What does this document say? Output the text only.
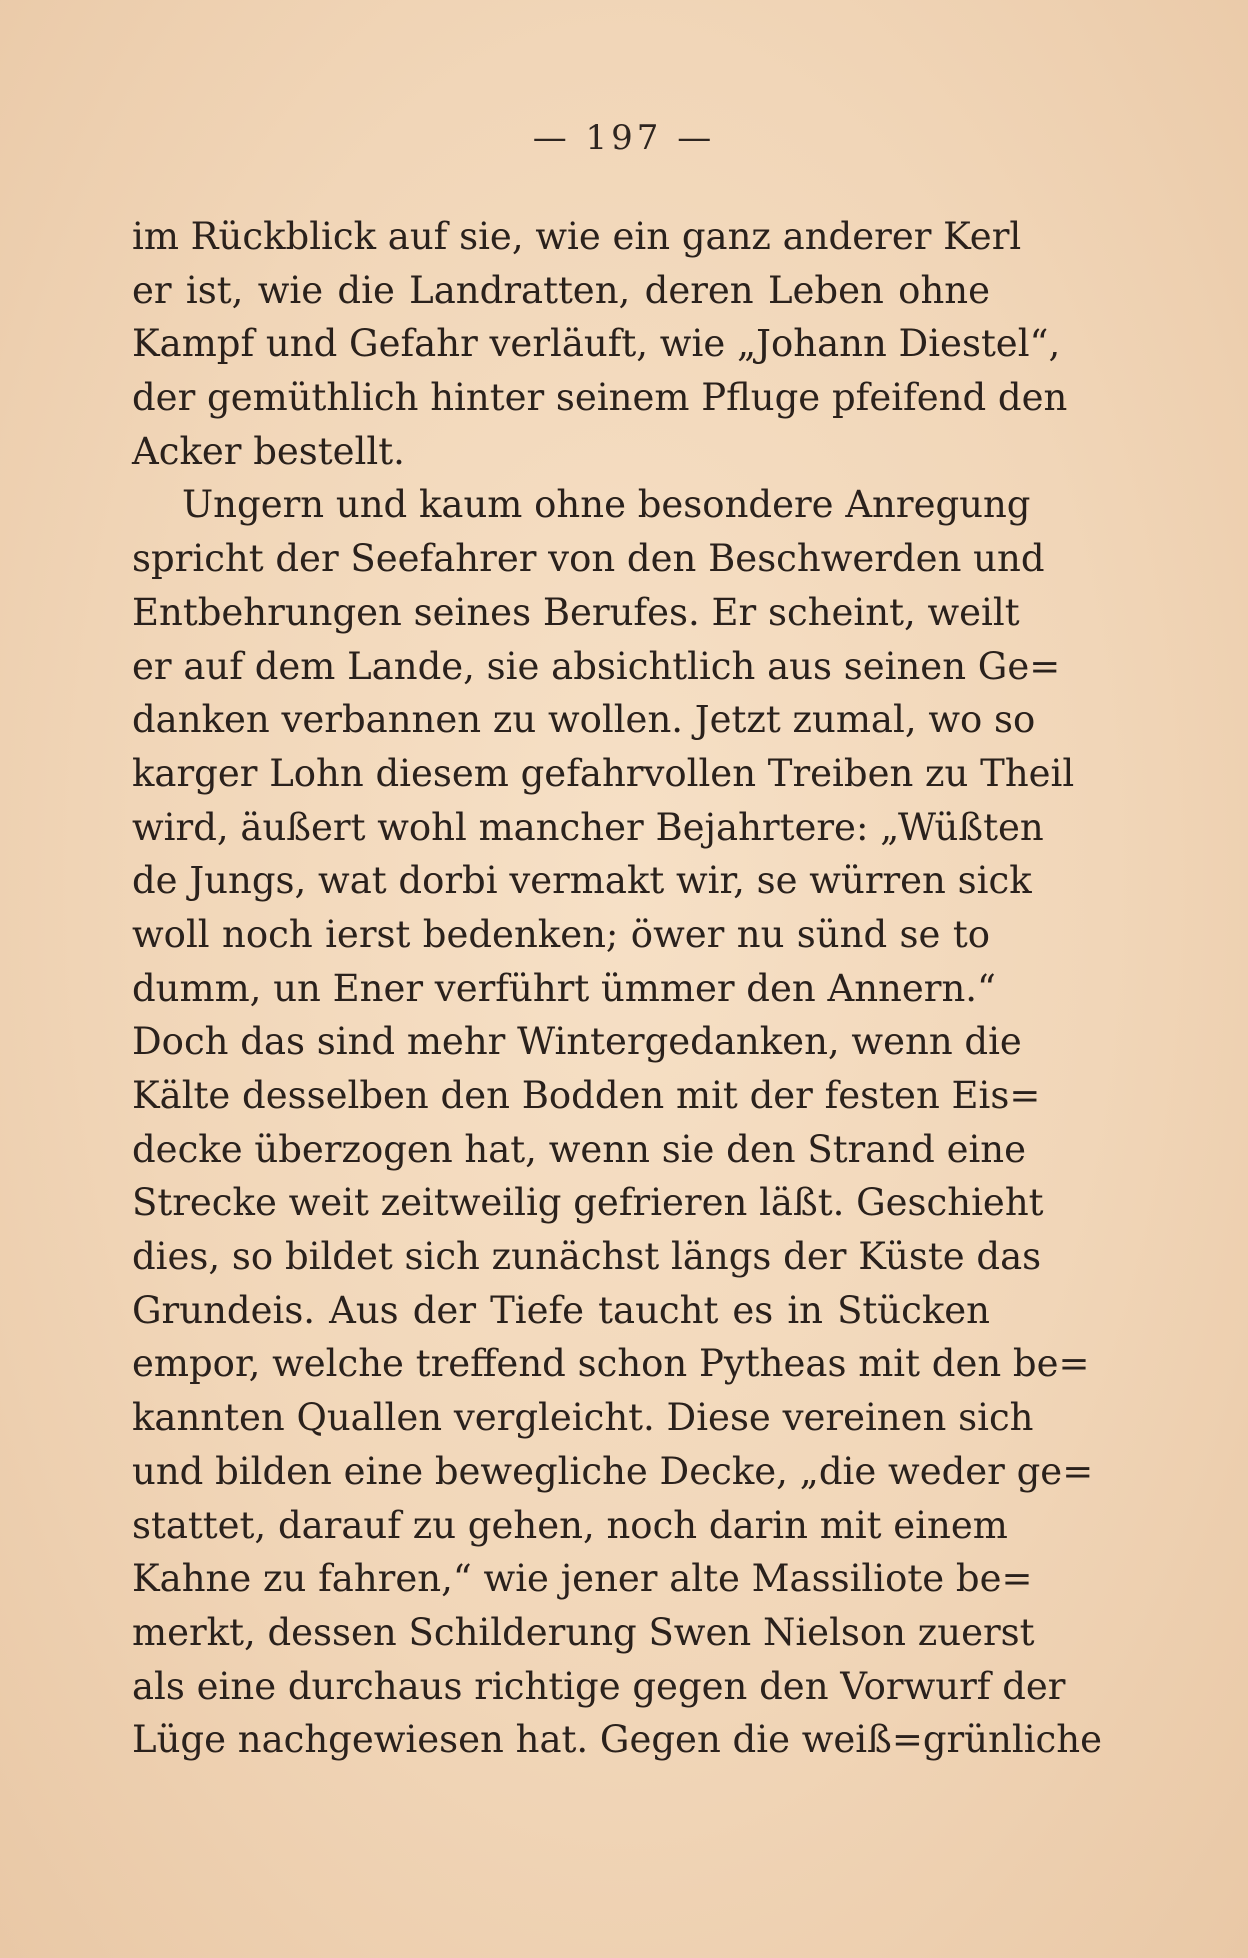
— 197 —
im Rückblick auf sie, wie ein ganz anderer Kerl
er ist, wie die Landratten, deren Leben ohne
Kampf und Gefahr verläuft, wie „Johann Diestel“,
der gemüthlich hinter seinem Pfluge pfeifend den
Acker bestellt.
Ungern und kaum ohne besondere Anregung
spricht der Seefahrer von den Beschwerden und
Entbehrungen seines Berufes. Er scheint, weilt
er auf dem Lande, sie absichtlich aus seinen Ge=
danken verbannen zu wollen. Jetzt zumal, wo so
karger Lohn diesem gefahrvollen Treiben zu Theil
wird, äußert wohl mancher Bejahrtere: „Wüßten
de Jungs, wat dorbi vermakt wir, se würren sick
woll noch ierst bedenken; öwer nu sünd se to
dumm, un Ener verführt ümmer den Annern.“
Doch das sind mehr Wintergedanken, wenn die
Kälte desselben den Bodden mit der festen Eis=
decke überzogen hat, wenn sie den Strand eine
Strecke weit zeitweilig gefrieren läßt. Geschieht
dies, so bildet sich zunächst längs der Küste das
Grundeis. Aus der Tiefe taucht es in Stücken
empor, welche treffend schon Pytheas mit den be=
kannten Quallen vergleicht. Diese vereinen sich
und bilden eine bewegliche Decke, „die weder ge=
stattet, darauf zu gehen, noch darin mit einem
Kahne zu fahren,“ wie jener alte Massiliote be=
merkt, dessen Schilderung Swen Nielson zuerst
als eine durchaus richtige gegen den Vorwurf der
Lüge nachgewiesen hat. Gegen die weiß=grünliche
